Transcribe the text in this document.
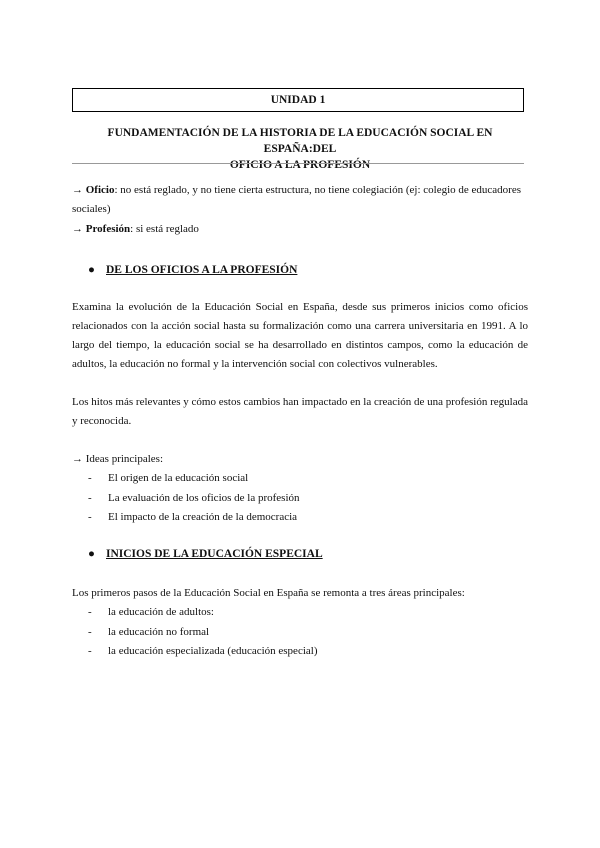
UNIDAD 1
FUNDAMENTACIÓN DE LA HISTORIA DE LA EDUCACIÓN SOCIAL EN ESPAÑA:DEL
OFICIO A LA PROFESIÓN
→ Oficio: no está reglado, y no tiene cierta estructura, no tiene colegiación (ej: colegio de educadores sociales)
→ Profesión: si está reglado
● DE LOS OFICIOS A LA PROFESIÓN
Examina la evolución de la Educación Social en España, desde sus primeros inicios como oficios relacionados con la acción social hasta su formalización como una carrera universitaria en 1991. A lo largo del tiempo, la educación social se ha desarrollado en distintos campos, como la educación de adultos, la educación no formal y la intervención social con colectivos vulnerables.
Los hitos más relevantes y cómo estos cambios han impactado en la creación de una profesión regulada y reconocida.
→ Ideas principales:
- El origen de la educación social
- La evaluación de los oficios de la profesión
- El impacto de la creación de la democracia
● INICIOS DE LA EDUCACIÓN ESPECIAL
Los primeros pasos de la Educación Social en España se remonta a tres áreas principales:
- la educación de adultos:
- la educación no formal
- la educación especializada (educación especial)
